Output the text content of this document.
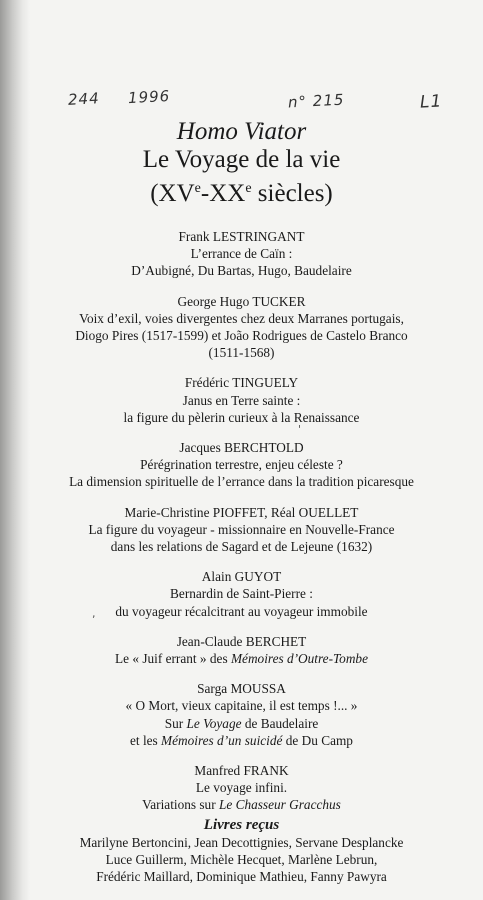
244 1996	n° 215	L1
Homo Viator
Le Voyage de la vie
(XVe-XXe siècles)
Frank LESTRINGANT
L’errance de Caïn :
D’Aubigné, Du Bartas, Hugo, Baudelaire
George Hugo TUCKER
Voix d’exil, voies divergentes chez deux Marranes portugais,
Diogo Pires (1517-1599) et João Rodrigues de Castelo Branco
(1511-1568)
Frédéric TINGUELY
Janus en Terre sainte :
la figure du pèlerin curieux à la Renaissance
Jacques BERCHTOLD
Pérégrination terrestre, enjeu céleste ?
La dimension spirituelle de l’errance dans la tradition picaresque
Marie-Christine PIOFFET, Réal OUELLET
La figure du voyageur - missionnaire en Nouvelle-France
dans les relations de Sagard et de Lejeune (1632)
Alain GUYOT
Bernardin de Saint-Pierre :
du voyageur récalcitrant au voyageur immobile
Jean-Claude BERCHET
Le « Juif errant » des Mémoires d’Outre-Tombe
Sarga MOUSSA
« O Mort, vieux capitaine, il est temps !... »
Sur Le Voyage de Baudelaire
et les Mémoires d’un suicidé de Du Camp
Manfred FRANK
Le voyage infini.
Variations sur Le Chasseur Gracchus
Livres reçus
Marilyne Bertoncini, Jean Decottignies, Servane Desplancke
Luce Guillerm, Michèle Hecquet, Marlène Lebrun,
Frédéric Maillard, Dominique Mathieu, Fanny Pawyra
,
'
